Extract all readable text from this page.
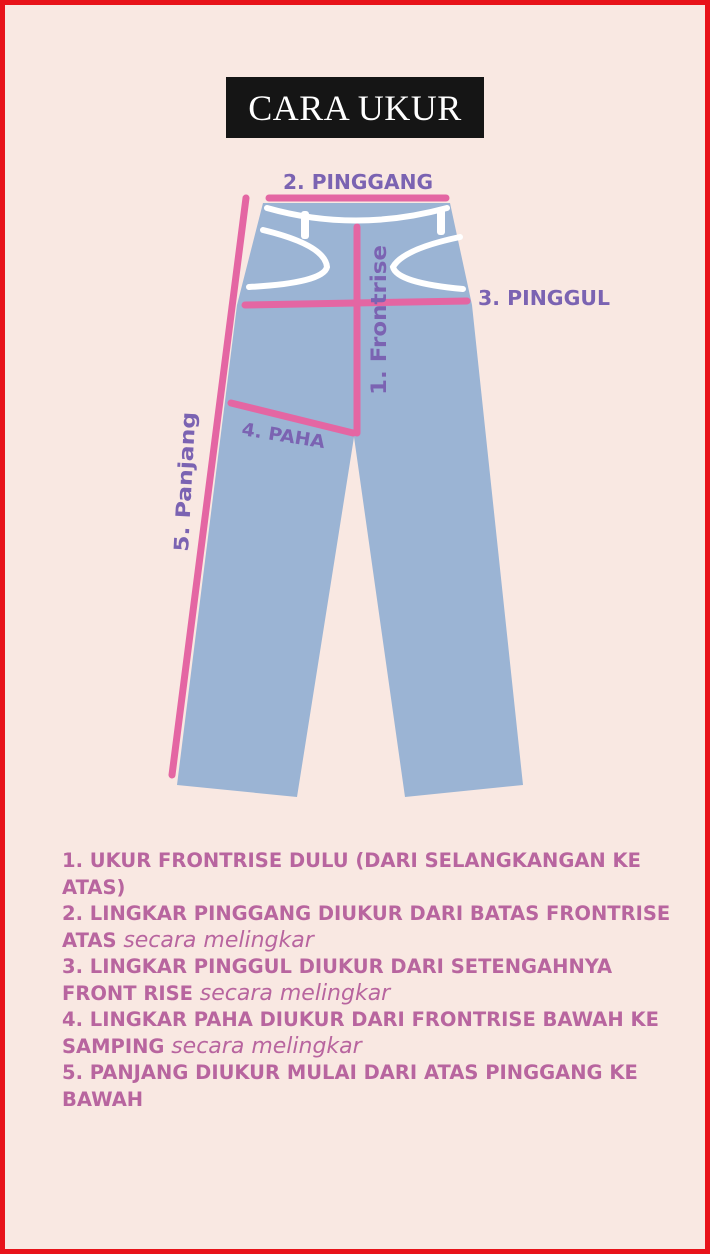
CARA UKUR
2. PINGGANG
3. PINGGUL
4. PAHA
1. Frontrise
5. Panjang
1. UKUR FRONTRISE DULU (DARI SELANGKANGAN KE ATAS)
2. LINGKAR PINGGANG DIUKUR DARI BATAS FRONTRISE ATAS secara melingkar
3. LINGKAR PINGGUL DIUKUR DARI SETENGAHNYA FRONT RISE secara melingkar
4. LINGKAR PAHA DIUKUR DARI FRONTRISE BAWAH KE SAMPING secara melingkar
5. PANJANG DIUKUR MULAI DARI ATAS PINGGANG KE BAWAH
